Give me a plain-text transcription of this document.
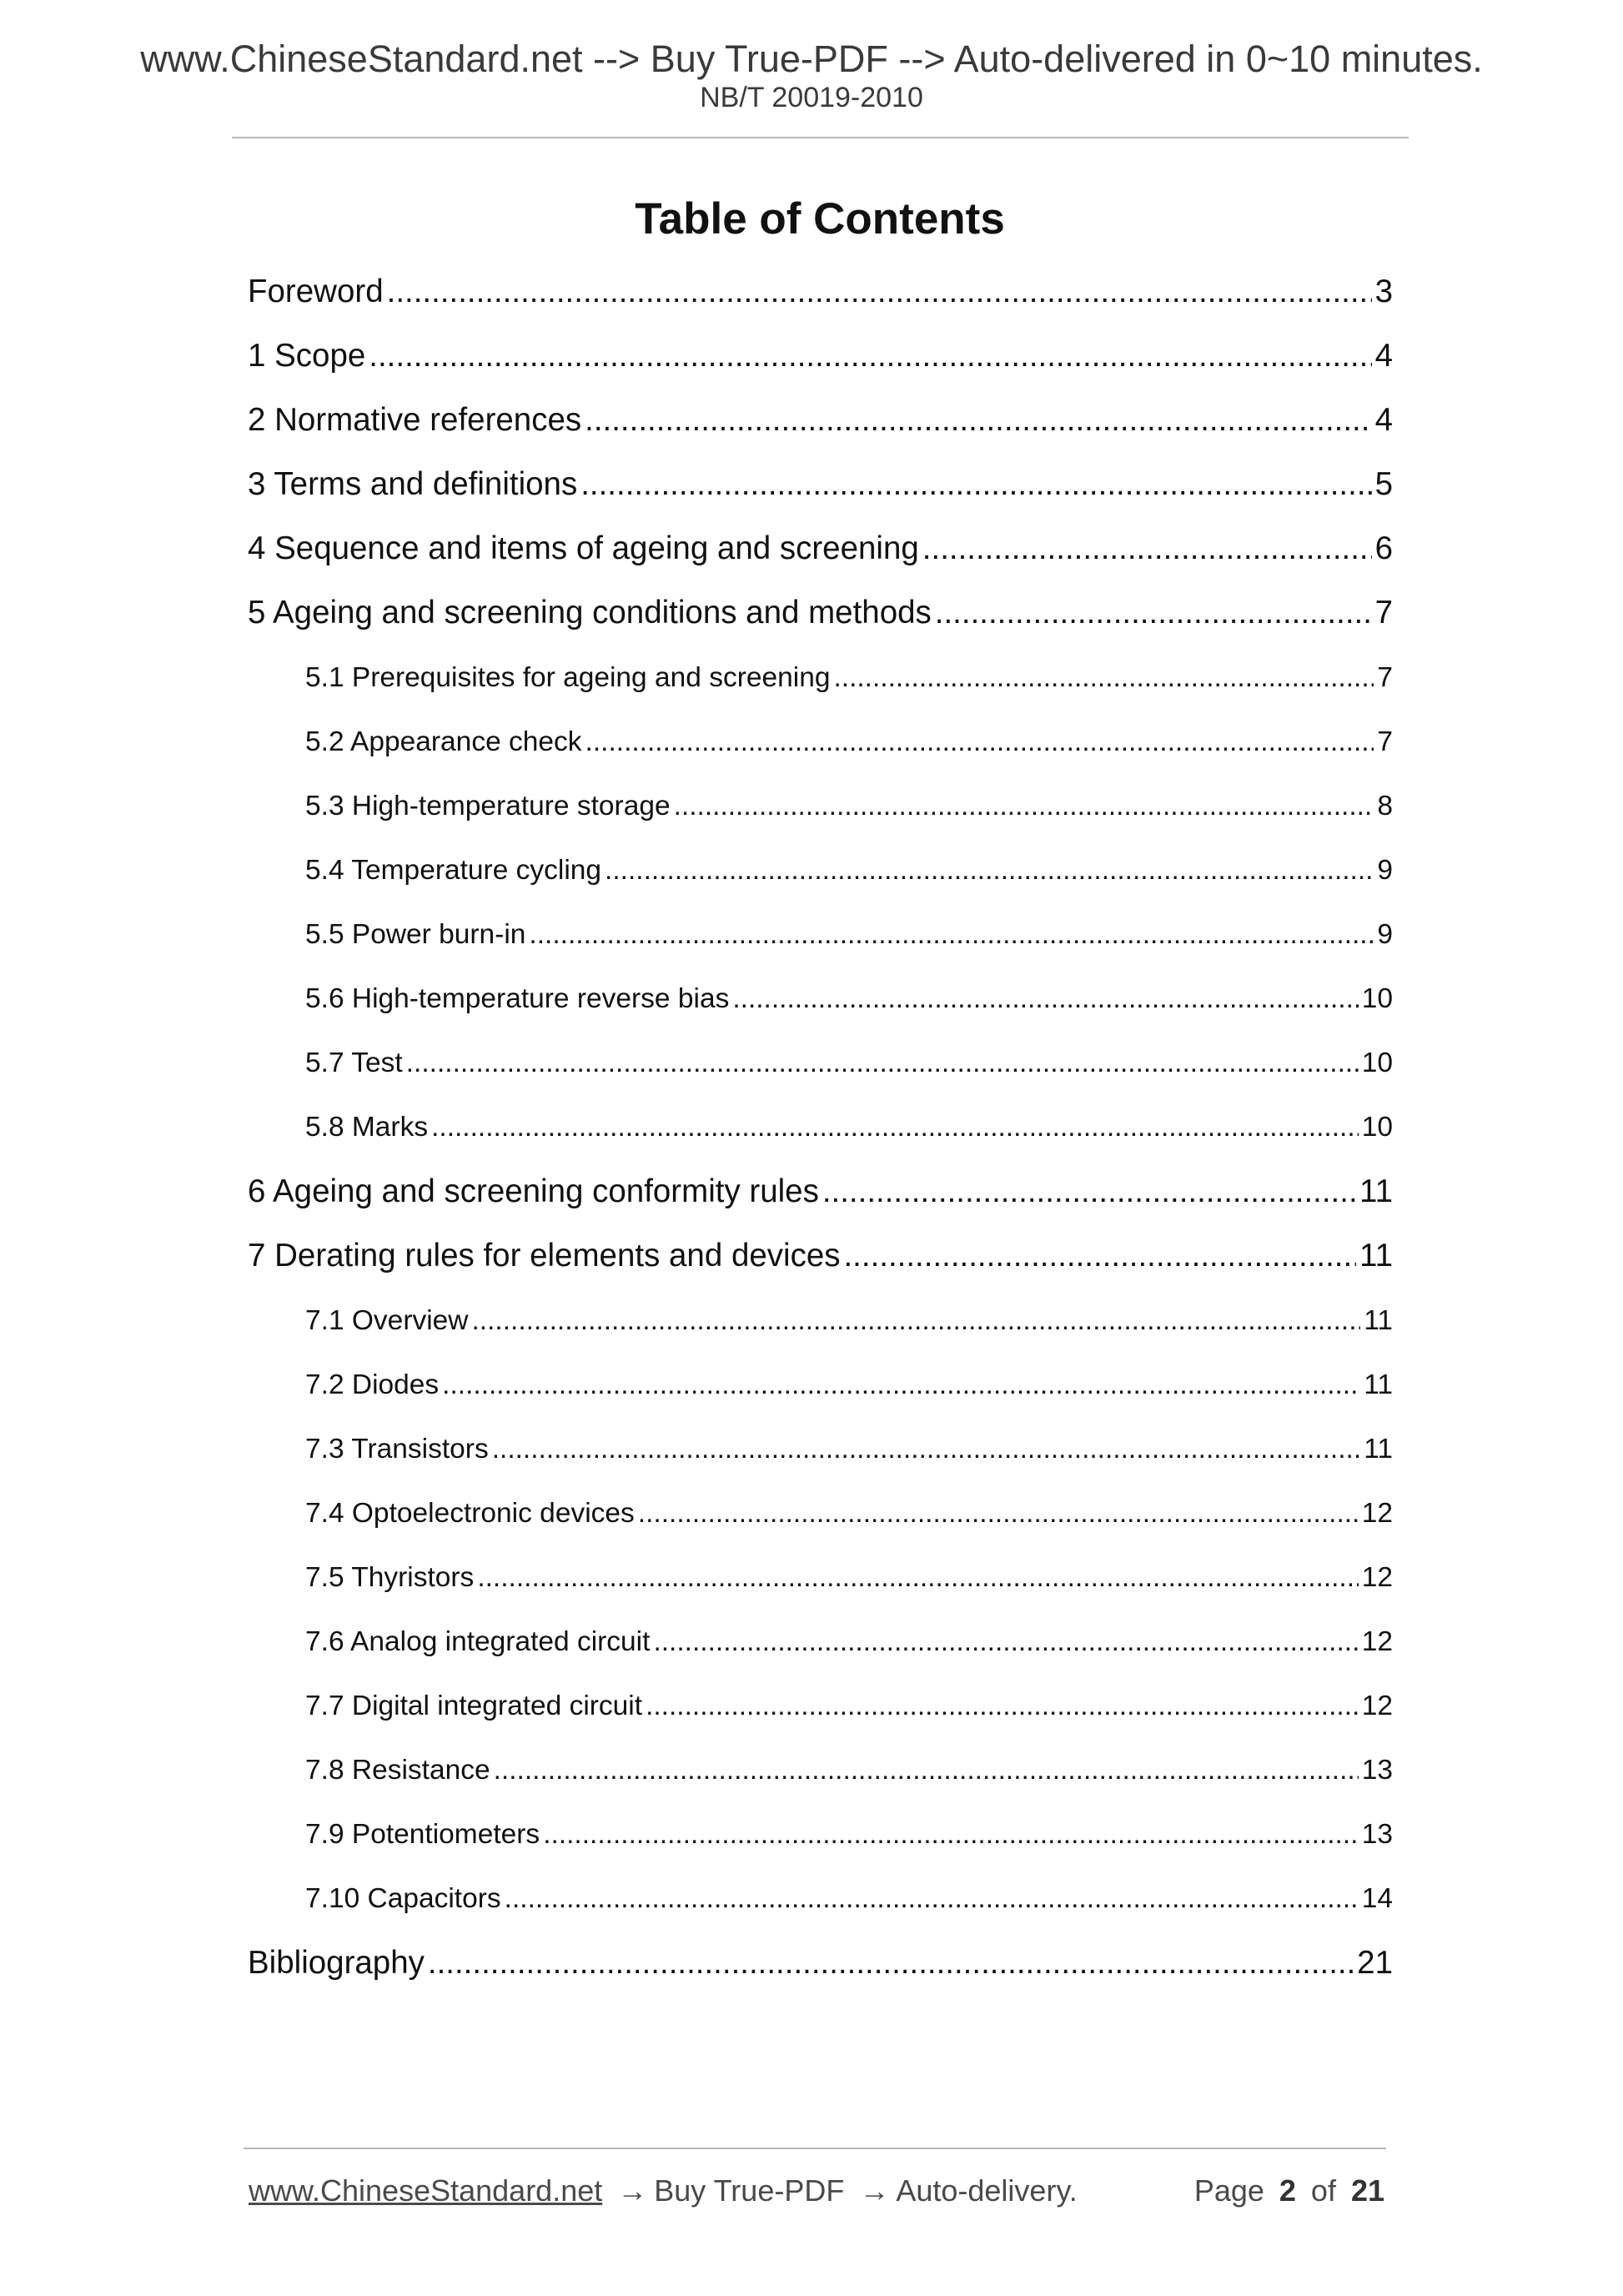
www.ChineseStandard.net --> Buy True-PDF --> Auto-delivered in 0~10 minutes.
NB/T 20019-2010
Table of Contents
Foreword .....	3
1 Scope .....	4
2 Normative references .....	4
3 Terms and definitions .....	5
4 Sequence and items of ageing and screening .....	6
5 Ageing and screening conditions and methods .....	7
5.1 Prerequisites for ageing and screening .....	7
5.2 Appearance check .....	7
5.3 High-temperature storage .....	8
5.4 Temperature cycling .....	9
5.5 Power burn-in .....	9
5.6 High-temperature reverse bias .....	10
5.7 Test .....	10
5.8 Marks .....	10
6 Ageing and screening conformity rules .....	11
7 Derating rules for elements and devices .....	11
7.1 Overview .....	11
7.2 Diodes .....	11
7.3 Transistors .....	11
7.4 Optoelectronic devices .....	12
7.5 Thyristors .....	12
7.6 Analog integrated circuit .....	12
7.7 Digital integrated circuit .....	12
7.8 Resistance .....	13
7.9 Potentiometers .....	13
7.10 Capacitors .....	14
Bibliography .....	21
www.ChineseStandard.net → Buy True-PDF → Auto-delivery.	Page 2 of 21
